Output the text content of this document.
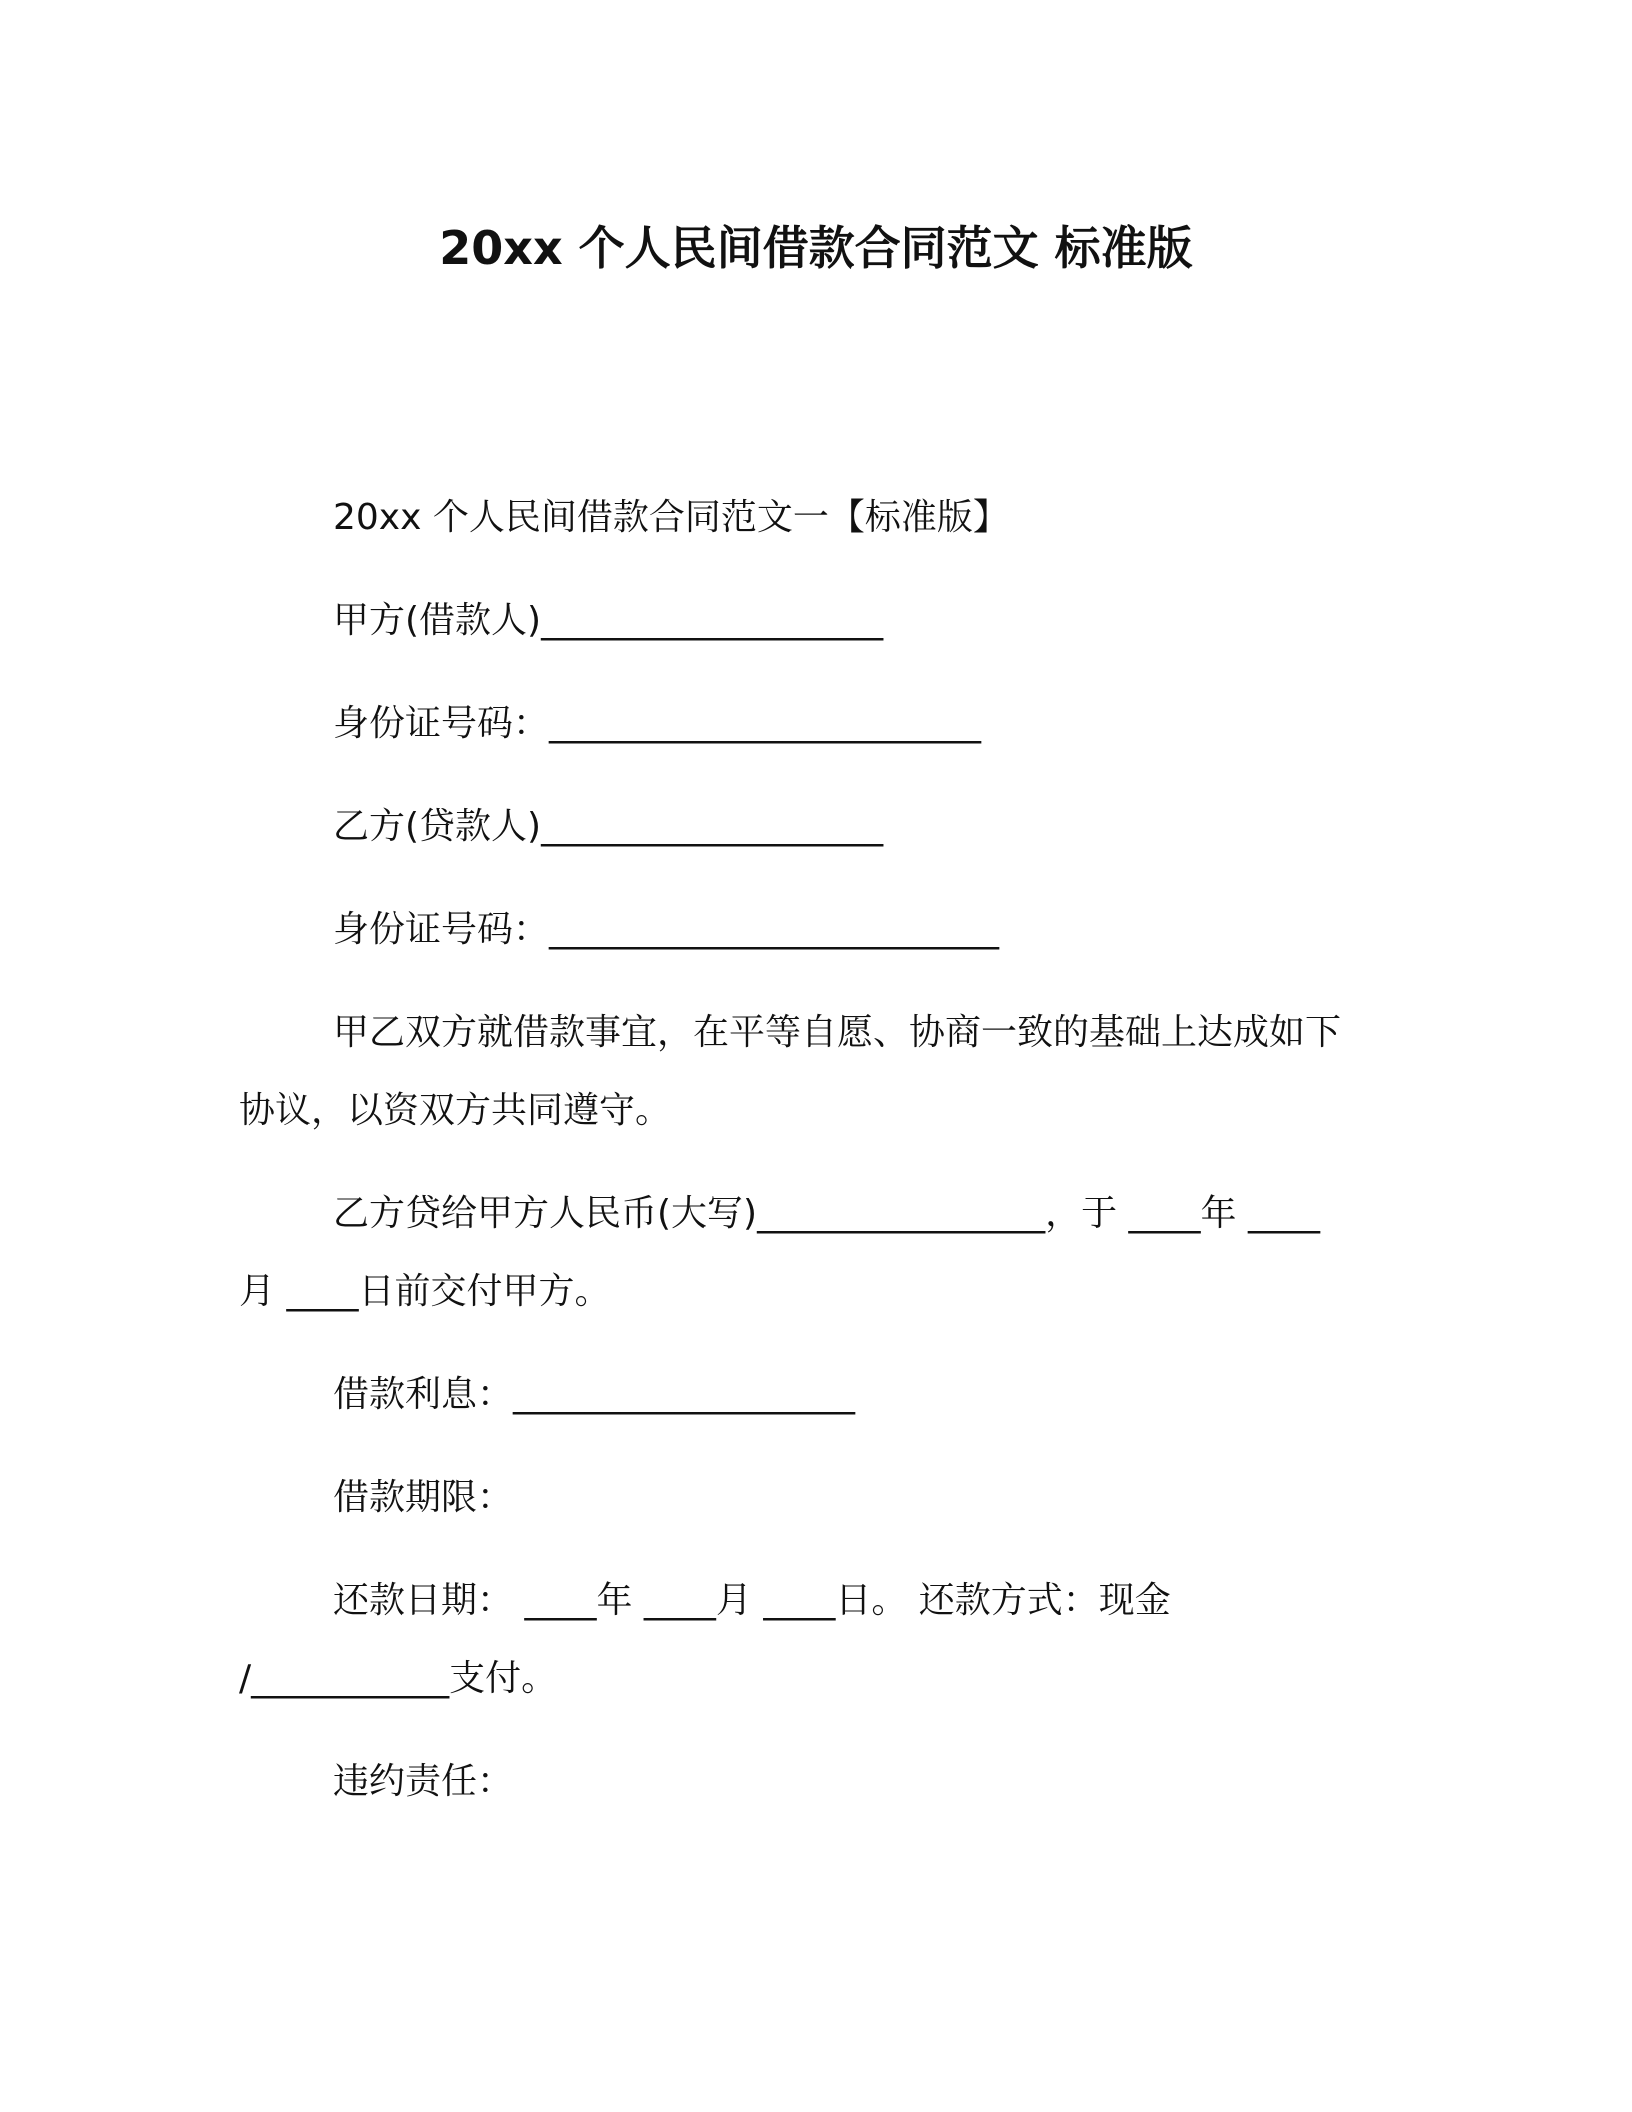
20xx 个人民间借款合同范文 标准版
20xx 个人民间借款合同范文一【标准版】
甲方(借款人)___________________
身份证号码：________________________
乙方(贷款人)___________________
身份证号码：_________________________
甲乙双方就借款事宜，在平等自愿、协商一致的基础上达成如下
协议，以资双方共同遵守。
乙方贷给甲方人民币(大写)________________，于 ____年 ____
月 ____日前交付甲方。
借款利息：___________________
借款期限：
还款日期： ____年 ____月 ____日。 还款方式：现金
/___________支付。
违约责任：
